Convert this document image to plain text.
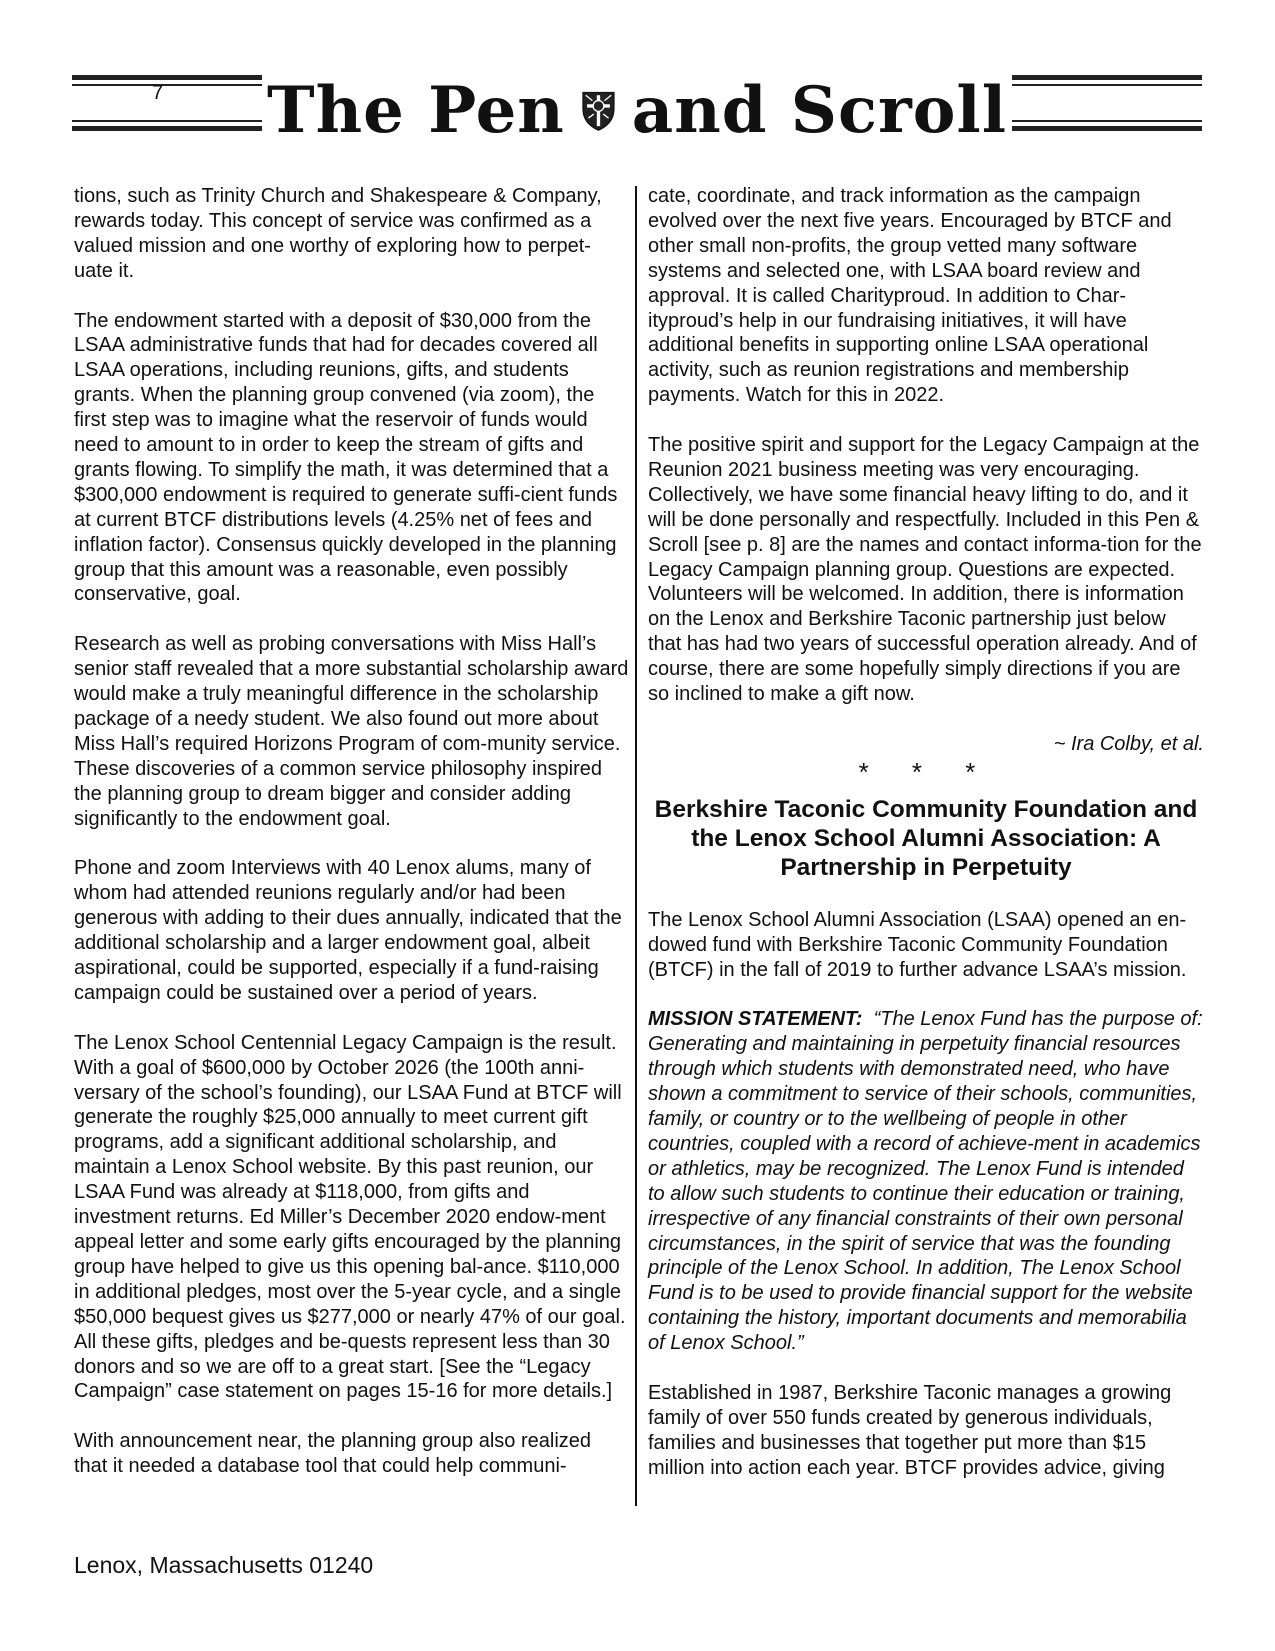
7 The Pen and Scroll

tions, such as Trinity Church and Shakespeare & Company, rewards today. This concept of service was confirmed as a valued mission and one worthy of exploring how to perpet-uate it.

The endowment started with a deposit of $30,000 from the LSAA administrative funds that had for decades covered all LSAA operations, including reunions, gifts, and students grants. When the planning group convened (via zoom), the first step was to imagine what the reservoir of funds would need to amount to in order to keep the stream of gifts and grants flowing. To simplify the math, it was determined that a $300,000 endowment is required to generate suffi-cient funds at current BTCF distributions levels (4.25% net of fees and inflation factor). Consensus quickly developed in the planning group that this amount was a reasonable, even possibly conservative, goal.

Research as well as probing conversations with Miss Hall’s senior staff revealed that a more substantial scholarship award would make a truly meaningful difference in the scholarship package of a needy student. We also found out more about Miss Hall’s required Horizons Program of com-munity service. These discoveries of a common service philosophy inspired the planning group to dream bigger and consider adding significantly to the endowment goal.

Phone and zoom Interviews with 40 Lenox alums, many of whom had attended reunions regularly and/or had been generous with adding to their dues annually, indicated that the additional scholarship and a larger endowment goal, albeit aspirational, could be supported, especially if a fund-raising campaign could be sustained over a period of years.

The Lenox School Centennial Legacy Campaign is the result. With a goal of $600,000 by October 2026 (the 100th anni-versary of the school’s founding), our LSAA Fund at BTCF will generate the roughly $25,000 annually to meet current gift programs, add a significant additional scholarship, and maintain a Lenox School website. By this past reunion, our LSAA Fund was already at $118,000, from gifts and investment returns. Ed Miller’s December 2020 endow-ment appeal letter and some early gifts encouraged by the planning group have helped to give us this opening bal-ance. $110,000 in additional pledges, most over the 5-year cycle, and a single $50,000 bequest gives us $277,000 or nearly 47% of our goal. All these gifts, pledges and be-quests represent less than 30 donors and so we are off to a great start. [See the “Legacy Campaign” case statement on pages 15-16 for more details.]

With announcement near, the planning group also realized that it needed a database tool that could help communi-

cate, coordinate, and track information as the campaign evolved over the next five years. Encouraged by BTCF and other small non-profits, the group vetted many software systems and selected one, with LSAA board review and approval. It is called Charityproud. In addition to Char-ityproud’s help in our fundraising initiatives, it will have additional benefits in supporting online LSAA operational activity, such as reunion registrations and membership payments. Watch for this in 2022.

The positive spirit and support for the Legacy Campaign at the Reunion 2021 business meeting was very encouraging. Collectively, we have some financial heavy lifting to do, and it will be done personally and respectfully. Included in this Pen & Scroll [see p. 8] are the names and contact informa-tion for the Legacy Campaign planning group. Questions are expected. Volunteers will be welcomed. In addition, there is information on the Lenox and Berkshire Taconic partnership just below that has had two years of successful operation already. And of course, there are some hopefully simply directions if you are so inclined to make a gift now.

~ Ira Colby, et al.

* * *

Berkshire Taconic Community Foundation and the Lenox School Alumni Association: A Partnership in Perpetuity

The Lenox School Alumni Association (LSAA) opened an en-dowed fund with Berkshire Taconic Community Foundation (BTCF) in the fall of 2019 to further advance LSAA’s mission.

MISSION STATEMENT: “The Lenox Fund has the purpose of: Generating and maintaining in perpetuity financial resources through which students with demonstrated need, who have shown a commitment to service of their schools, communities, family, or country or to the wellbeing of people in other countries, coupled with a record of achieve-ment in academics or athletics, may be recognized. The Lenox Fund is intended to allow such students to continue their education or training, irrespective of any financial constraints of their own personal circumstances, in the spirit of service that was the founding principle of the Lenox School. In addition, The Lenox School Fund is to be used to provide financial support for the website containing the history, important documents and memorabilia of Lenox School.”

Established in 1987, Berkshire Taconic manages a growing family of over 550 funds created by generous individuals, families and businesses that together put more than $15 million into action each year. BTCF provides advice, giving

Lenox, Massachusetts 01240
